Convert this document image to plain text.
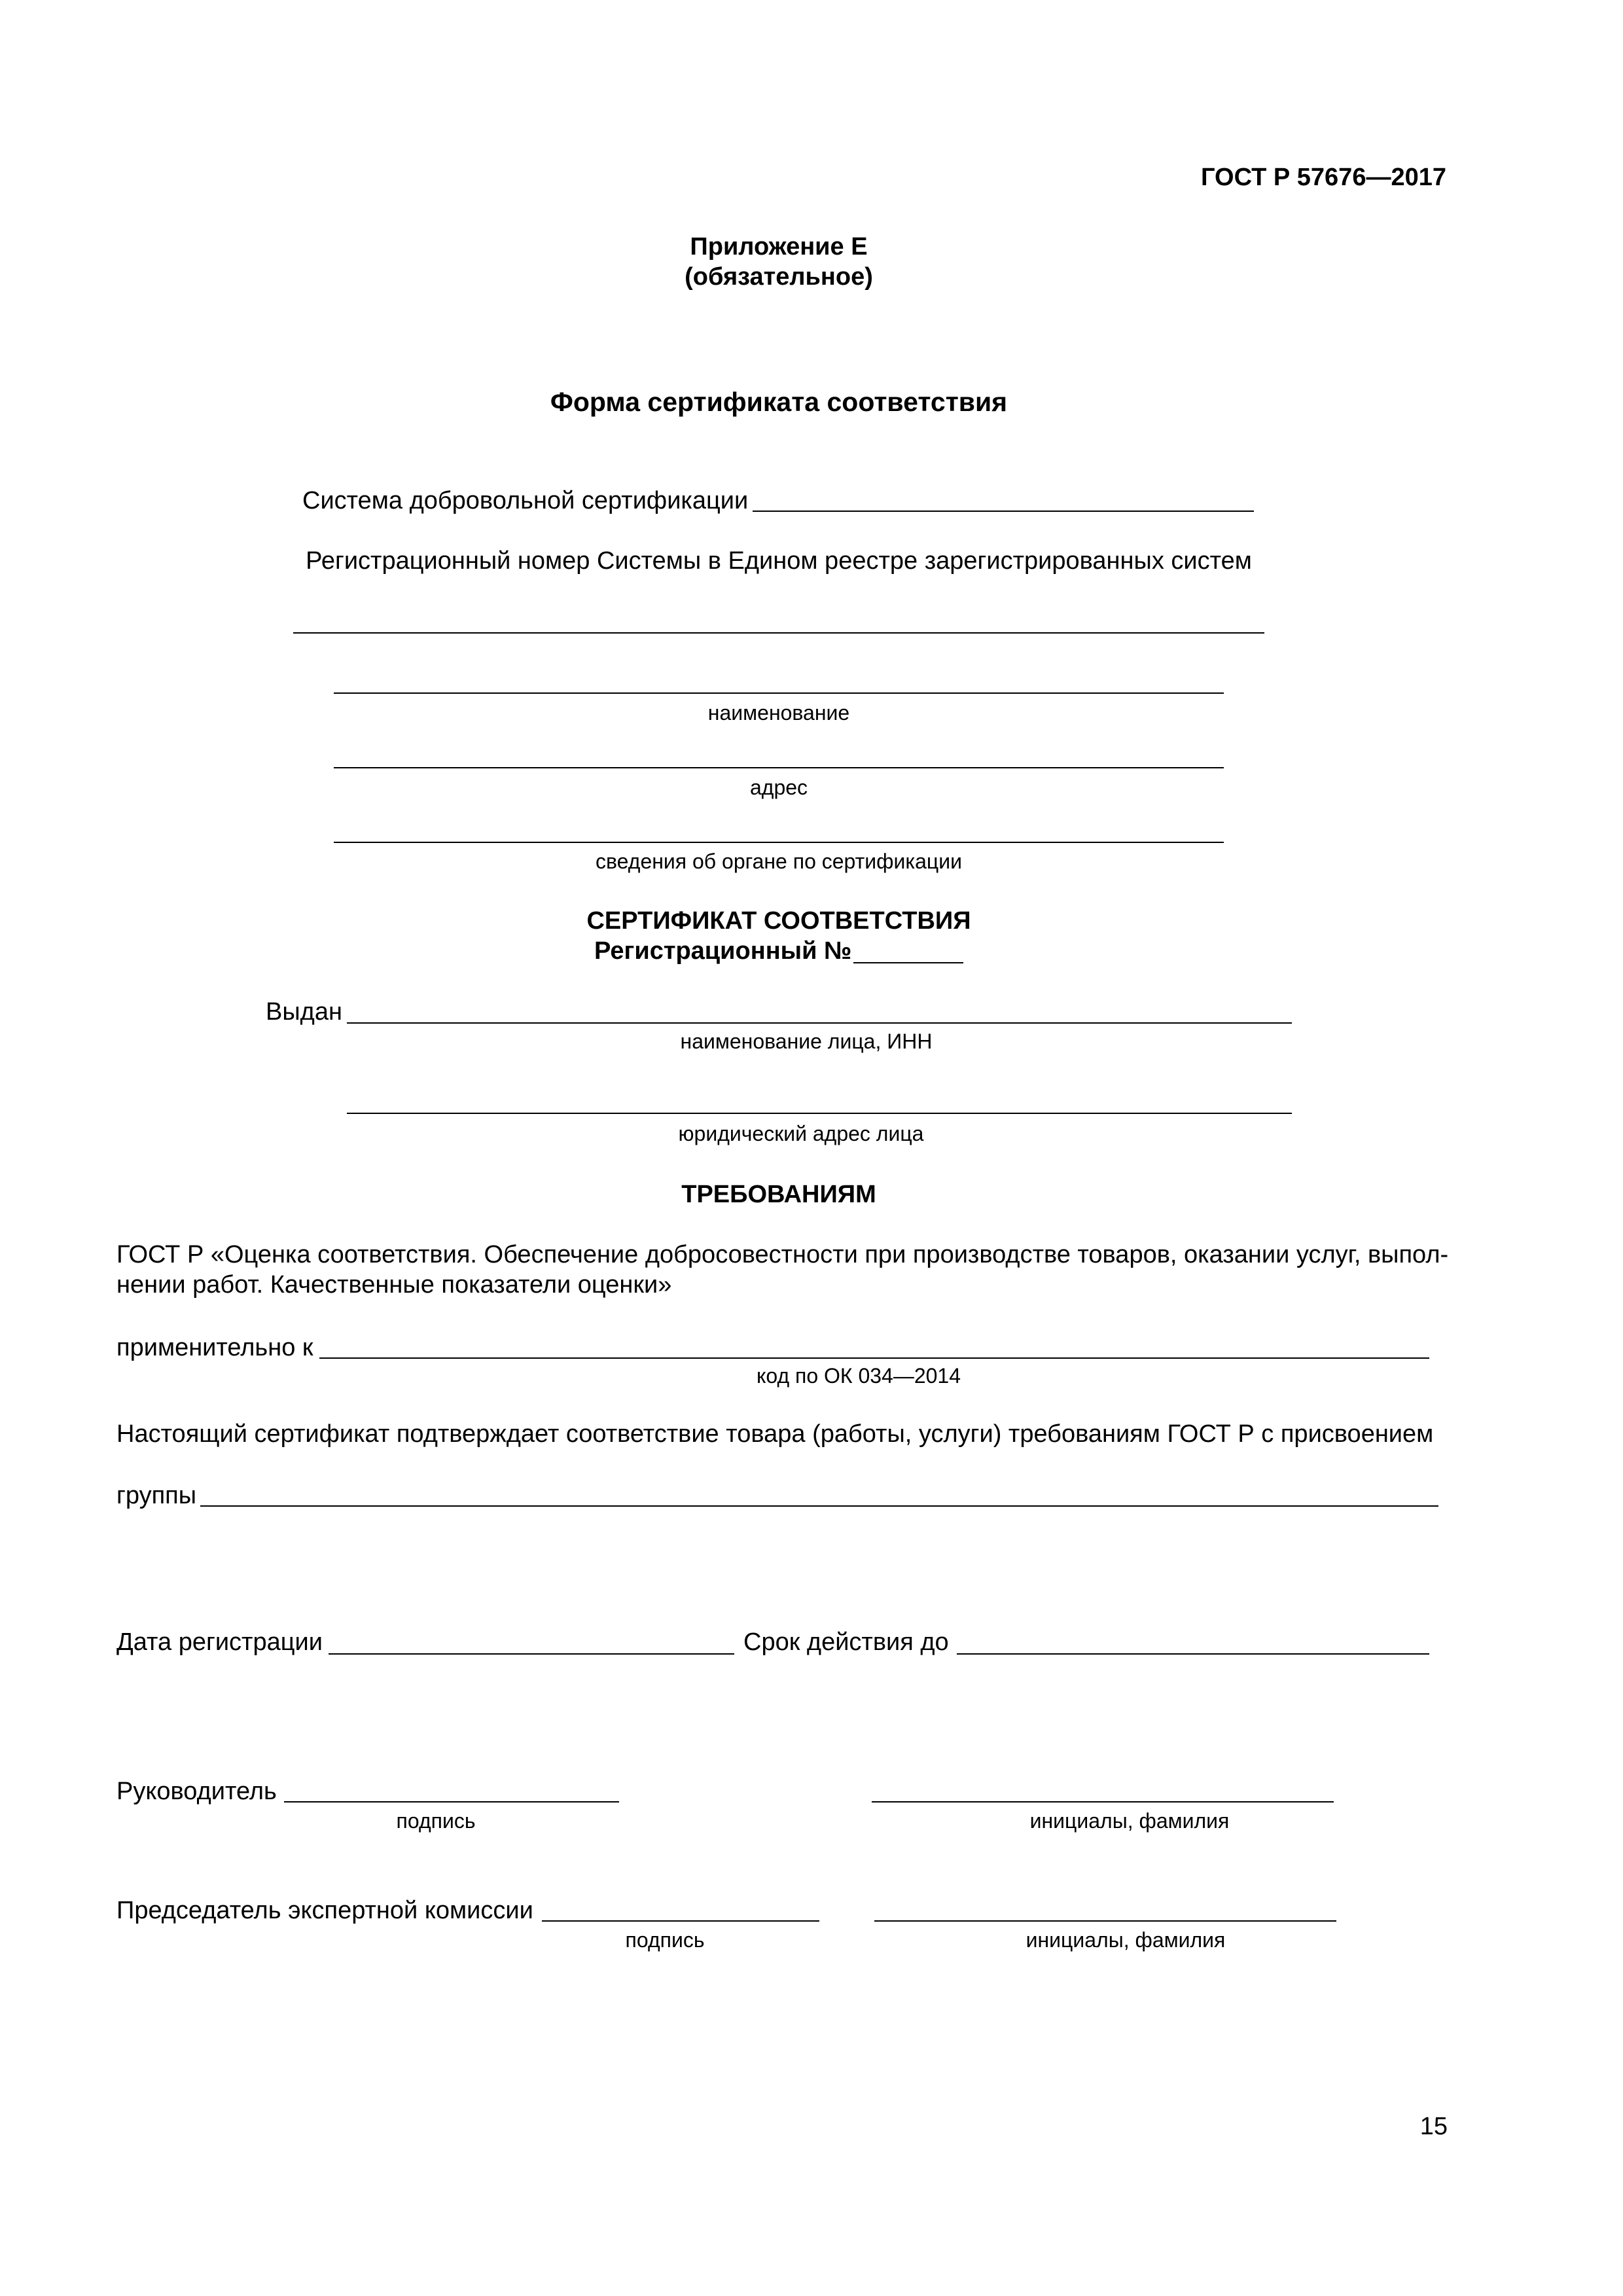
ГОСТ Р 57676—2017
Приложение Е
(обязательное)
Форма сертификата соответствия
Система добровольной сертификации
Регистрационный номер Системы в Едином реестре зарегистрированных систем
наименование
адрес
сведения об органе по сертификации
СЕРТИФИКАТ СООТВЕТСТВИЯ
Регистрационный №
Выдан
наименование лица, ИНН
юридический адрес лица
ТРЕБОВАНИЯМ
ГОСТ Р «Оценка соответствия. Обеспечение добросовестности при производстве товаров, оказании услуг, выпол-
нении работ. Качественные показатели оценки»
применительно к
код по ОК 034—2014
Настоящий сертификат подтверждает соответствие товара (работы, услуги) требованиям ГОСТ Р с присвоением
группы
Дата регистрации	Срок действия до
Руководитель
подпись	инициалы, фамилия
Председатель экспертной комиссии
подпись	инициалы, фамилия
15
